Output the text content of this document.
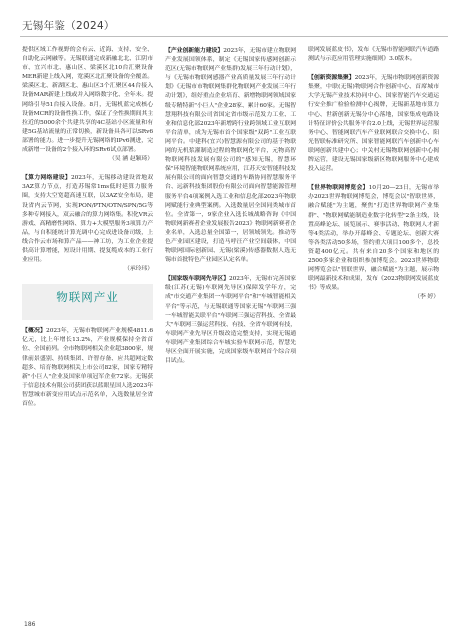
无锡年鉴（2024）

提供区域工作视野的会有云、近海、支持、安全、自助化云网融等。无锡联通完成新融北北、江阴市市、宜兴市北、惠山区、梁溪区北10台汇聚设备MER新建上线入网，宽溪区北汇聚设备的全覆盖。梁溪区北、新湖区北、惠山区3个汇聚区44台接入设备MAR新建上线或并入网络数字化、全年未。提网络引导51台接入设备。8月，无锡机蓝完成核心设备MCR的设备性换工作，保证了全性换期间其主拉近的5000余个共建共享的4C基站小区流量和有建5G基站流量的正常切换，新设备具各可以SRv6部署的能力。进一步提升无锡网络的IPv6测进，完成新增一设备的2个接入环的SRv6试点部署。

（吴 涵 赵颖琦）

【算力网络建设】2023年，无锡移动建设省地双3AZ算力节点，打造苏锡常1ms低时延算力服务圈，支持大空宽超高速互联，以3AZ安全布局，建设省内云节网，实现PON/PTN/OTN/SPN/5G等多种专网接入，双云融合的算力网络集。积化VR云游戏、高精磨性网络、算力+大模型服务3项算力产品，与自积能统计算光调中心完成进设备司级，上线合作云市场和算产品——神工坊，为工业企业提供高计算增能，短设计用期、提复缆成本的工业行业应用。

（承玲玮）

物联网产业

【概况】2023年，无锡市物联网产业规模4811.6亿元，比上年增长13.2%，产业规模保持全省首位、全国前列。全市物联网相关企业超3800家，规律前景盛别、持续集团、许智存备、应共超网定数超多、培育物联网相关上市公司82家，国家专精特新"小巨人"企业及国家单项冠军企业72家。无锡获于信息技术有限公司获团获以蓝眼星国人选2023年智慧城市新变应用试点示范名单，入选数量居全省首位。

【产业创新能力建设】2023年，无锡市建立物联网产业发展国领体系，制定《无锡国家传感网创新示范区(无锡市物联网产业集群)发展三年行动计划》，与《无锡市物联网感器产业高质量发展三年行动计划》《无锡市市物联网集群化物联网产业发展三年行动计划》，组好重点企业培育、新增物联网领域国家级专精特新"小巨人"企业28家、累计60家。无锡智慧翔科技有限公司省国定省市级示范发力工业、工业和信息化部2023年新增跨行业跨领域工业互联网平台清单，成为无锡市首个国家级"双跨"工业互联网平台。中建科(宜兴)智慧源有限公司的基于物联网的无机浆灌制造过程的物联网化平台，元物高智物联网科技发展有限公司的"感知无锡，智慧环保"环境智能物联网系统应用，江苏天安智能科技发展有限公司的面向智慧交通的车路协同智慧服务平台、远新科技集团股份有限公司面向智慧能源管理服务平台4项案例入选工业和信息化部2023年物联网赋能行业典型案例。入选数量居全国同类城市首位。全省第一，9家企业入选长城战略咨询《中国物联网新赛者企业发展报告2023》物联网新赛者企业名单，入选总量全国第一，居领域领先。推动等色产业园区建设，打造马呼汪产业空间载体，中国物联网国际创新园、无锡(梁溪)传感器数据人选无锡市首批特色产业园区认定名单。

【国家级车联网先导区】2023年，无锡市完善国家级(江苏(无锡)车联网先导区)保障发学年方，完成"市交通产业集团一车联网平台"和"车城智能相关平台"等示范，与无锡联通等国家无锡"车联网三强一车城智能关联平台"车联网三强运营科技、全省最大"车联网三强运营科技、有技、全省车联网有技，车联网产业先导区升级改造完整支持，实现无锡通车联网产业集团综合车城实验车联网示范，智慧先导区全面开展实施，完成国家级车联网首个综合项目试点。

联网发展蓝皮书》，发布《无锡市智能网联汽车道路测试与示范应用管理实施细则》3.0版本。

【创新资源集聚】2023年，无锡市物联网创新资源集聚，中联(无锡)物联网合作创新中心、首席城市大学无锡产业技术协同中心、国家智能汽车交通运行安全推广检验检测中心揭牌，无锡新基地市算力中心、世新创新无锡分中心落地，国家集成电路设计特征评价公共服务平台2.0上线，无锡世界运营服务中心、智能网联汽车产业联网联合交换中心、阳光智联标准研究所、国家智能网联汽车创新中心车联网创新共建中心；中关村无锡物联网创新中心揭牌运营，建设无锡国家级新区物联网服务中心建成投入运营。

【世界物联网博览会】10月20—23日，无锡市举办2023世界物联网博览会，博览会以"智联世界，融合赋能"为主题，聚焦"打造世界物联网产业集群"、"物联网赋能制造业数字化转型"2条主线，设置高峰论坛、展览展示、赛事活动、物联网人才新等4类活动，举办开幕峰会、专题论坛、创新大赛等各类活动50多场，签约重大项目100多个，总投资超400亿元。共有来自20多个国家和地区的2500多家企业和组织参加博览会。2023世界物联网博览会以"智联世界，融合赋能"为主题，展示物联网最新技术和成果，发布《2023物联网发展蓝皮书》等成果。

（李 婷）

186
